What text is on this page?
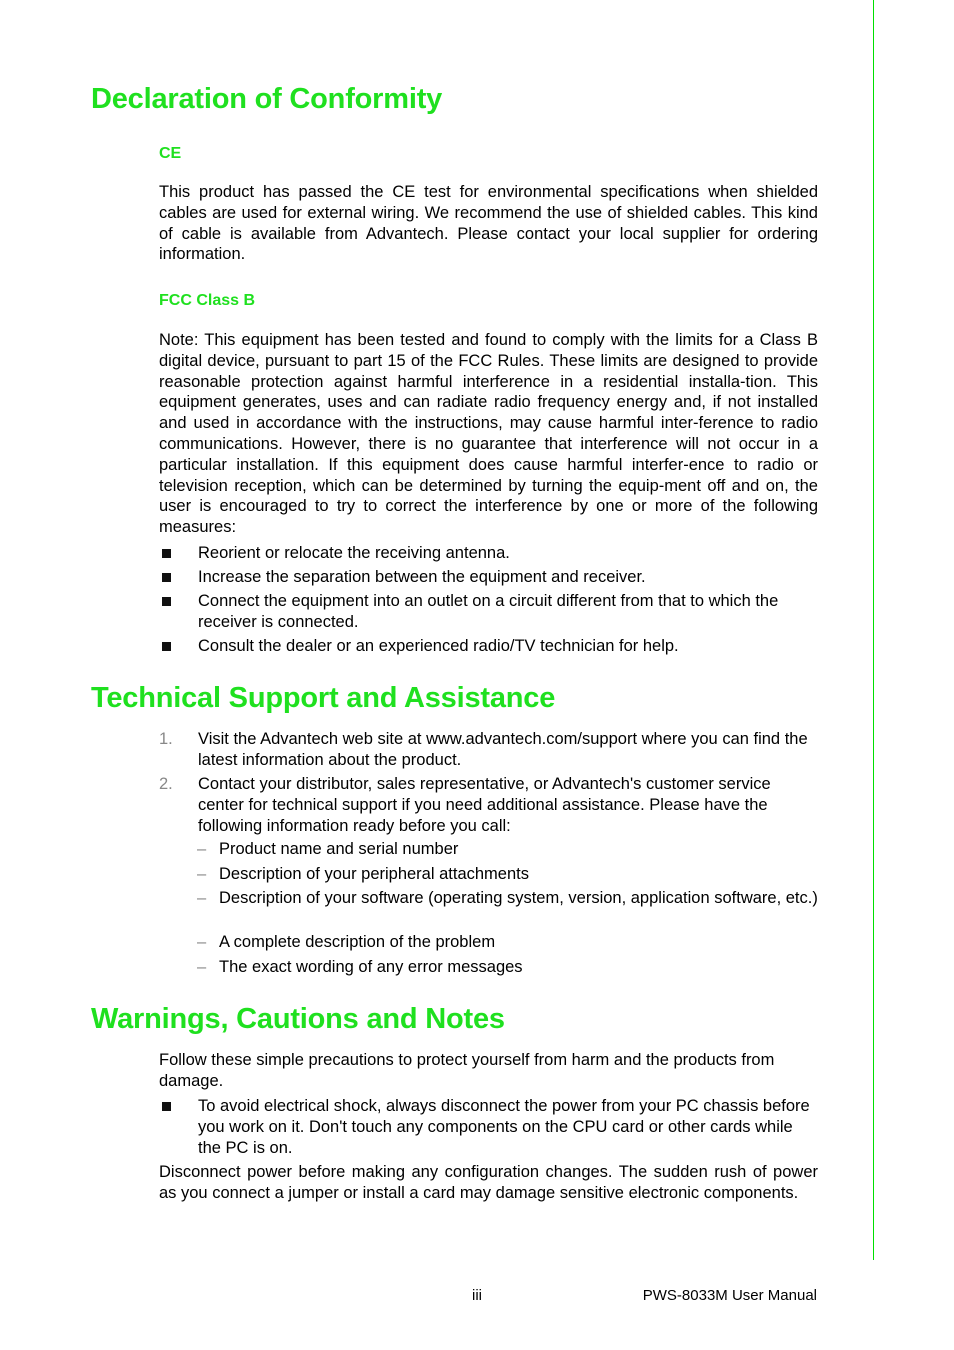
Declaration of Conformity
CE

This product has passed the CE test for environmental specifications when shielded cables are used for external wiring. We recommend the use of shielded cables. This kind of cable is available from Advantech. Please contact your local supplier for ordering information.

FCC Class B

Note: This equipment has been tested and found to comply with the limits for a Class B digital device, pursuant to part 15 of the FCC Rules. These limits are designed to provide reasonable protection against harmful interference in a residential installa-tion. This equipment generates, uses and can radiate radio frequency energy and, if not installed and used in accordance with the instructions, may cause harmful inter-ference to radio communications. However, there is no guarantee that interference will not occur in a particular installation. If this equipment does cause harmful interfer-ence to radio or television reception, which can be determined by turning the equip-ment off and on, the user is encouraged to try to correct the interference by one or more of the following measures:

Reorient or relocate the receiving antenna.
Increase the separation between the equipment and receiver.
Connect the equipment into an outlet on a circuit different from that to which the receiver is connected.
Consult the dealer or an experienced radio/TV technician for help.
Technical Support and Assistance
1. Visit the Advantech web site at www.advantech.com/support where you can find the latest information about the product.
2. Contact your distributor, sales representative, or Advantech's customer service center for technical support if you need additional assistance. Please have the following information ready before you call:
– Product name and serial number
– Description of your peripheral attachments
– Description of your software (operating system, version, application software, etc.)
– A complete description of the problem
– The exact wording of any error messages
Warnings, Cautions and Notes

Follow these simple precautions to protect yourself from harm and the products from damage.

To avoid electrical shock, always disconnect the power from your PC chassis before you work on it. Don't touch any components on the CPU card or other cards while the PC is on.

Disconnect power before making any configuration changes. The sudden rush of power as you connect a jumper or install a card may damage sensitive electronic components.

iii	PWS-8033M User Manual
